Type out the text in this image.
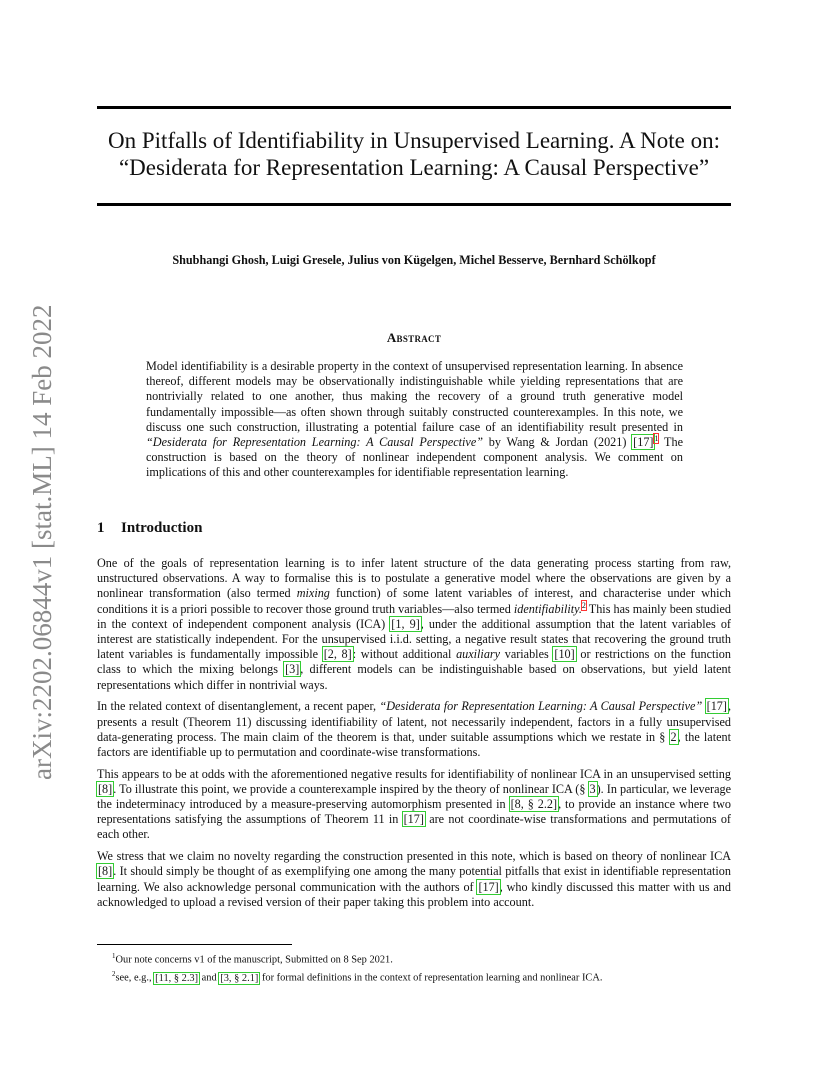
arXiv:2202.06844v1 [stat.ML] 14 Feb 2022
On Pitfalls of Identifiability in Unsupervised Learning. A Note on:
“Desiderata for Representation Learning: A Causal Perspective”
Shubhangi Ghosh, Luigi Gresele, Julius von Kügelgen, Michel Besserve, Bernhard Schölkopf
Abstract

Model identifiability is a desirable property in the context of unsupervised representation learning. In absence thereof, different models may be observationally indistinguishable while yielding representations that are nontrivially related to one another, thus making the recovery of a ground truth generative model fundamentally impossible—as often shown through suitably constructed counterexamples. In this note, we discuss one such construction, illustrating a potential failure case of an identifiability result presented in “Desiderata for Representation Learning: A Causal Perspective” by Wang & Jordan (2021) [17]$^1$ The construction is based on the theory of nonlinear independent component analysis. We comment on implications of this and other counterexamples for identifiable representation learning.

1 Introduction

One of the goals of representation learning is to infer latent structure of the data generating process starting from raw, unstructured observations. A way to formalise this is to postulate a generative model where the observations are given by a nonlinear transformation (also termed mixing function) of some latent variables of interest, and characterise under which conditions it is a priori possible to recover those ground truth variables—also termed identifiability.$^2$ This has mainly been studied in the context of independent component analysis (ICA) [1, 9], under the additional assumption that the latent variables of interest are statistically independent. For the unsupervised i.i.d. setting, a negative result states that recovering the ground truth latent variables is fundamentally impossible [2, 8]: without additional auxiliary variables [10] or restrictions on the function class to which the mixing belongs [3], different models can be indistinguishable based on observations, but yield latent representations which differ in nontrivial ways.

In the related context of disentanglement, a recent paper, “Desiderata for Representation Learning: A Causal Perspective” [17], presents a result (Theorem 11) discussing identifiability of latent, not necessarily independent, factors in a fully unsupervised data-generating process. The main claim of the theorem is that, under suitable assumptions which we restate in § 2, the latent factors are identifiable up to permutation and coordinate-wise transformations.

This appears to be at odds with the aforementioned negative results for identifiability of nonlinear ICA in an unsupervised setting [8]. To illustrate this point, we provide a counterexample inspired by the theory of nonlinear ICA (§ 3). In particular, we leverage the indeterminacy introduced by a measure-preserving automorphism presented in [8, § 2.2], to provide an instance where two representations satisfying the assumptions of Theorem 11 in [17] are not coordinate-wise transformations and permutations of each other.

We stress that we claim no novelty regarding the construction presented in this note, which is based on theory of nonlinear ICA [8]. It should simply be thought of as exemplifying one among the many potential pitfalls that exist in identifiable representation learning. We also acknowledge personal communication with the authors of [17], who kindly discussed this matter with us and acknowledged to upload a revised version of their paper taking this problem into account.

$^1$Our note concerns v1 of the manuscript, Submitted on 8 Sep 2021.
$^2$see, e.g., [11, § 2.3] and [3, § 2.1] for formal definitions in the context of representation learning and nonlinear ICA.
